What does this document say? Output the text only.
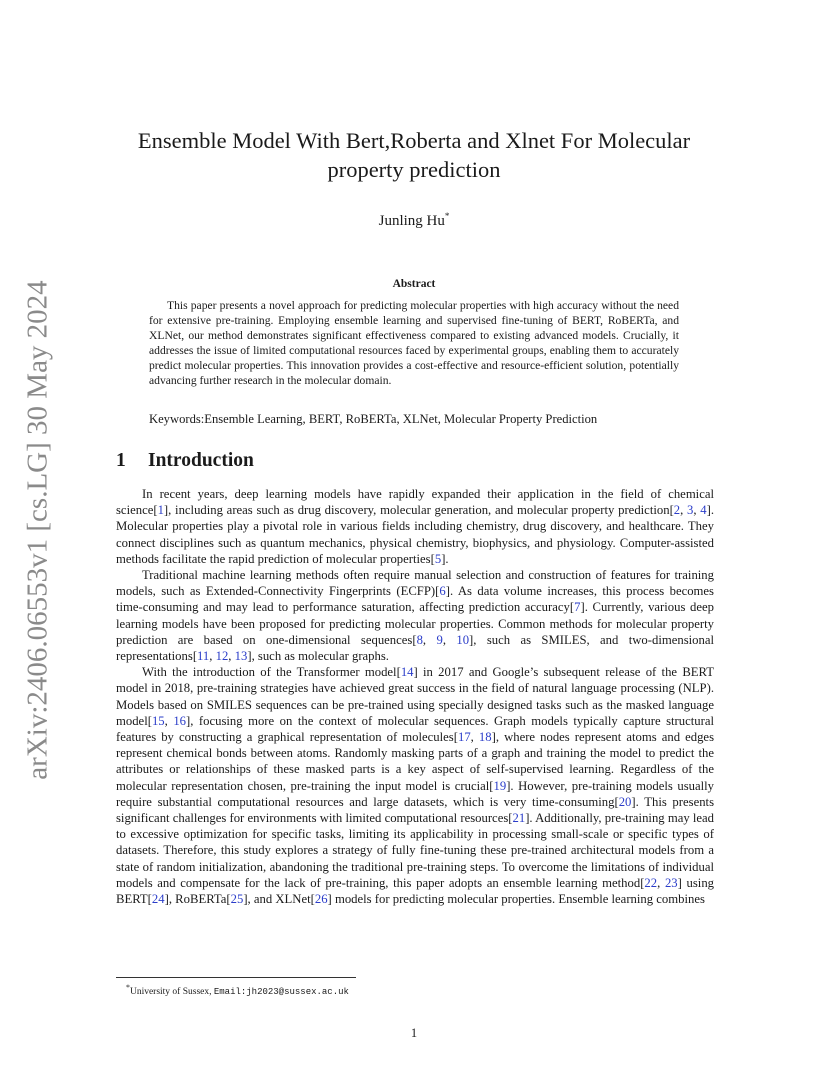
arXiv:2406.06553v1 [cs.LG] 30 May 2024
Ensemble Model With Bert,Roberta and Xlnet For Molecular property prediction
Junling Hu*
Abstract

This paper presents a novel approach for predicting molecular properties with high accuracy without the need for extensive pre-training. Employing ensemble learning and supervised fine-tuning of BERT, RoBERTa, and XLNet, our method demonstrates significant effectiveness compared to existing advanced models. Crucially, it addresses the issue of limited computational resources faced by experimental groups, enabling them to accurately predict molecular properties. This innovation provides a cost-effective and resource-efficient solution, potentially advancing further research in the molecular domain.

Keywords:Ensemble Learning, BERT, RoBERTa, XLNet, Molecular Property Prediction
1 Introduction

In recent years, deep learning models have rapidly expanded their application in the field of chemical science[1], including areas such as drug discovery, molecular generation, and molecular property prediction[2, 3, 4]. Molecular properties play a pivotal role in various fields including chemistry, drug discovery, and healthcare. They connect disciplines such as quantum mechanics, physical chemistry, biophysics, and physiology. Computer-assisted methods facilitate the rapid prediction of molecular properties[5].

Traditional machine learning methods often require manual selection and construction of features for training models, such as Extended-Connectivity Fingerprints (ECFP)[6]. As data volume increases, this process becomes time-consuming and may lead to performance saturation, affecting prediction accuracy[7]. Currently, various deep learning models have been proposed for predicting molecular properties. Common methods for molecular property prediction are based on one-dimensional sequences[8, 9, 10], such as SMILES, and two-dimensional representations[11, 12, 13], such as molecular graphs.

With the introduction of the Transformer model[14] in 2017 and Google’s subsequent release of the BERT model in 2018, pre-training strategies have achieved great success in the field of natural language processing (NLP). Models based on SMILES sequences can be pre-trained using specially designed tasks such as the masked language model[15, 16], focusing more on the context of molecular sequences. Graph models typically capture structural features by constructing a graphical representation of molecules[17, 18], where nodes represent atoms and edges represent chemical bonds between atoms. Randomly masking parts of a graph and training the model to predict the attributes or relationships of these masked parts is a key aspect of self-supervised learning. Regardless of the molecular representation chosen, pre-training the input model is crucial[19]. However, pre-training models usually require substantial computational resources and large datasets, which is very time-consuming[20]. This presents significant challenges for environments with limited computational resources[21]. Additionally, pre-training may lead to excessive optimization for specific tasks, limiting its applicability in processing small-scale or specific types of datasets. Therefore, this study explores a strategy of fully fine-tuning these pre-trained architectural models from a state of random initialization, abandoning the traditional pre-training steps. To overcome the limitations of individual models and compensate for the lack of pre-training, this paper adopts an ensemble learning method[22, 23] using BERT[24], RoBERTa[25], and XLNet[26] models for predicting molecular properties. Ensemble learning combines

*University of Sussex, Email:jh2023@sussex.ac.uk
1
